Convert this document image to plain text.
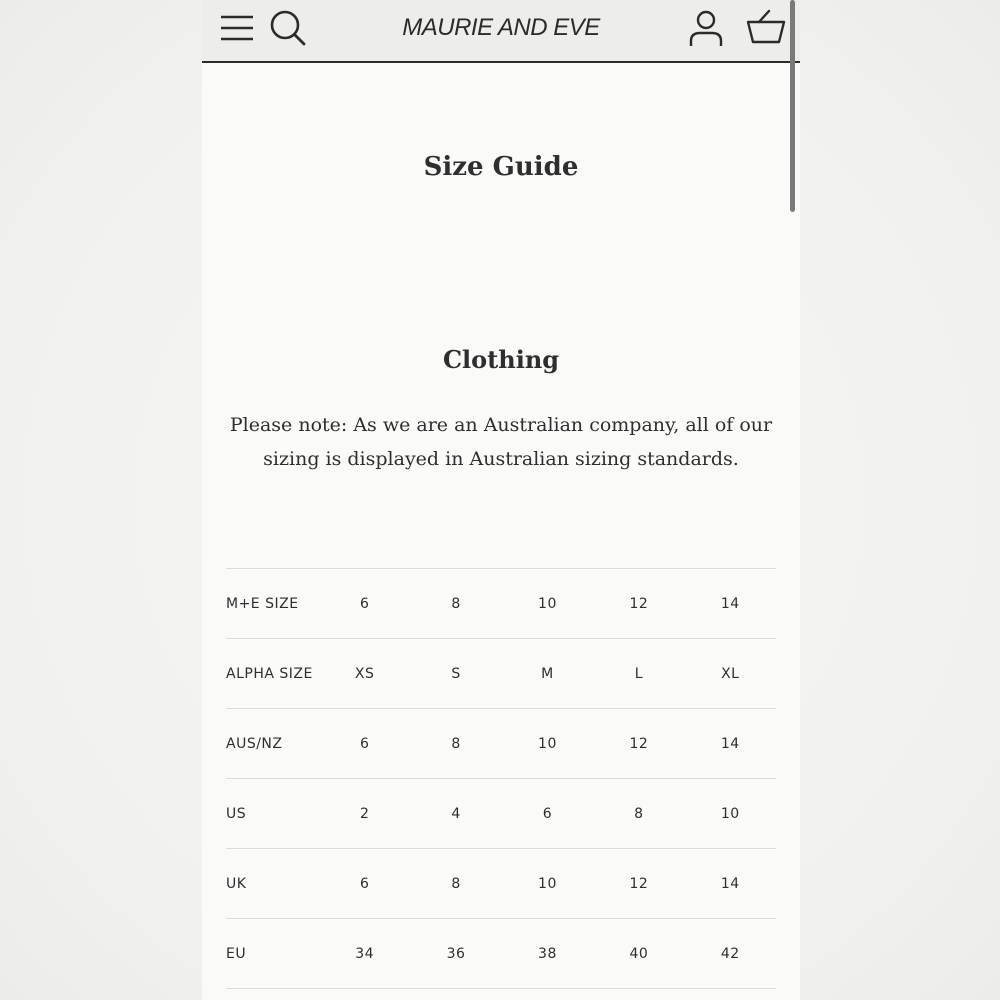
MAURIE AND EVE
Size Guide
Clothing

Please note: As we are an Australian company, all of our sizing is displayed in Australian sizing standards.

M+E SIZE	6	8	10	12	14
ALPHA SIZE	XS	S	M	L	XL
AUS/NZ	6	8	10	12	14
US	2	4	6	8	10
UK	6	8	10	12	14
EU	34	36	38	40	42
